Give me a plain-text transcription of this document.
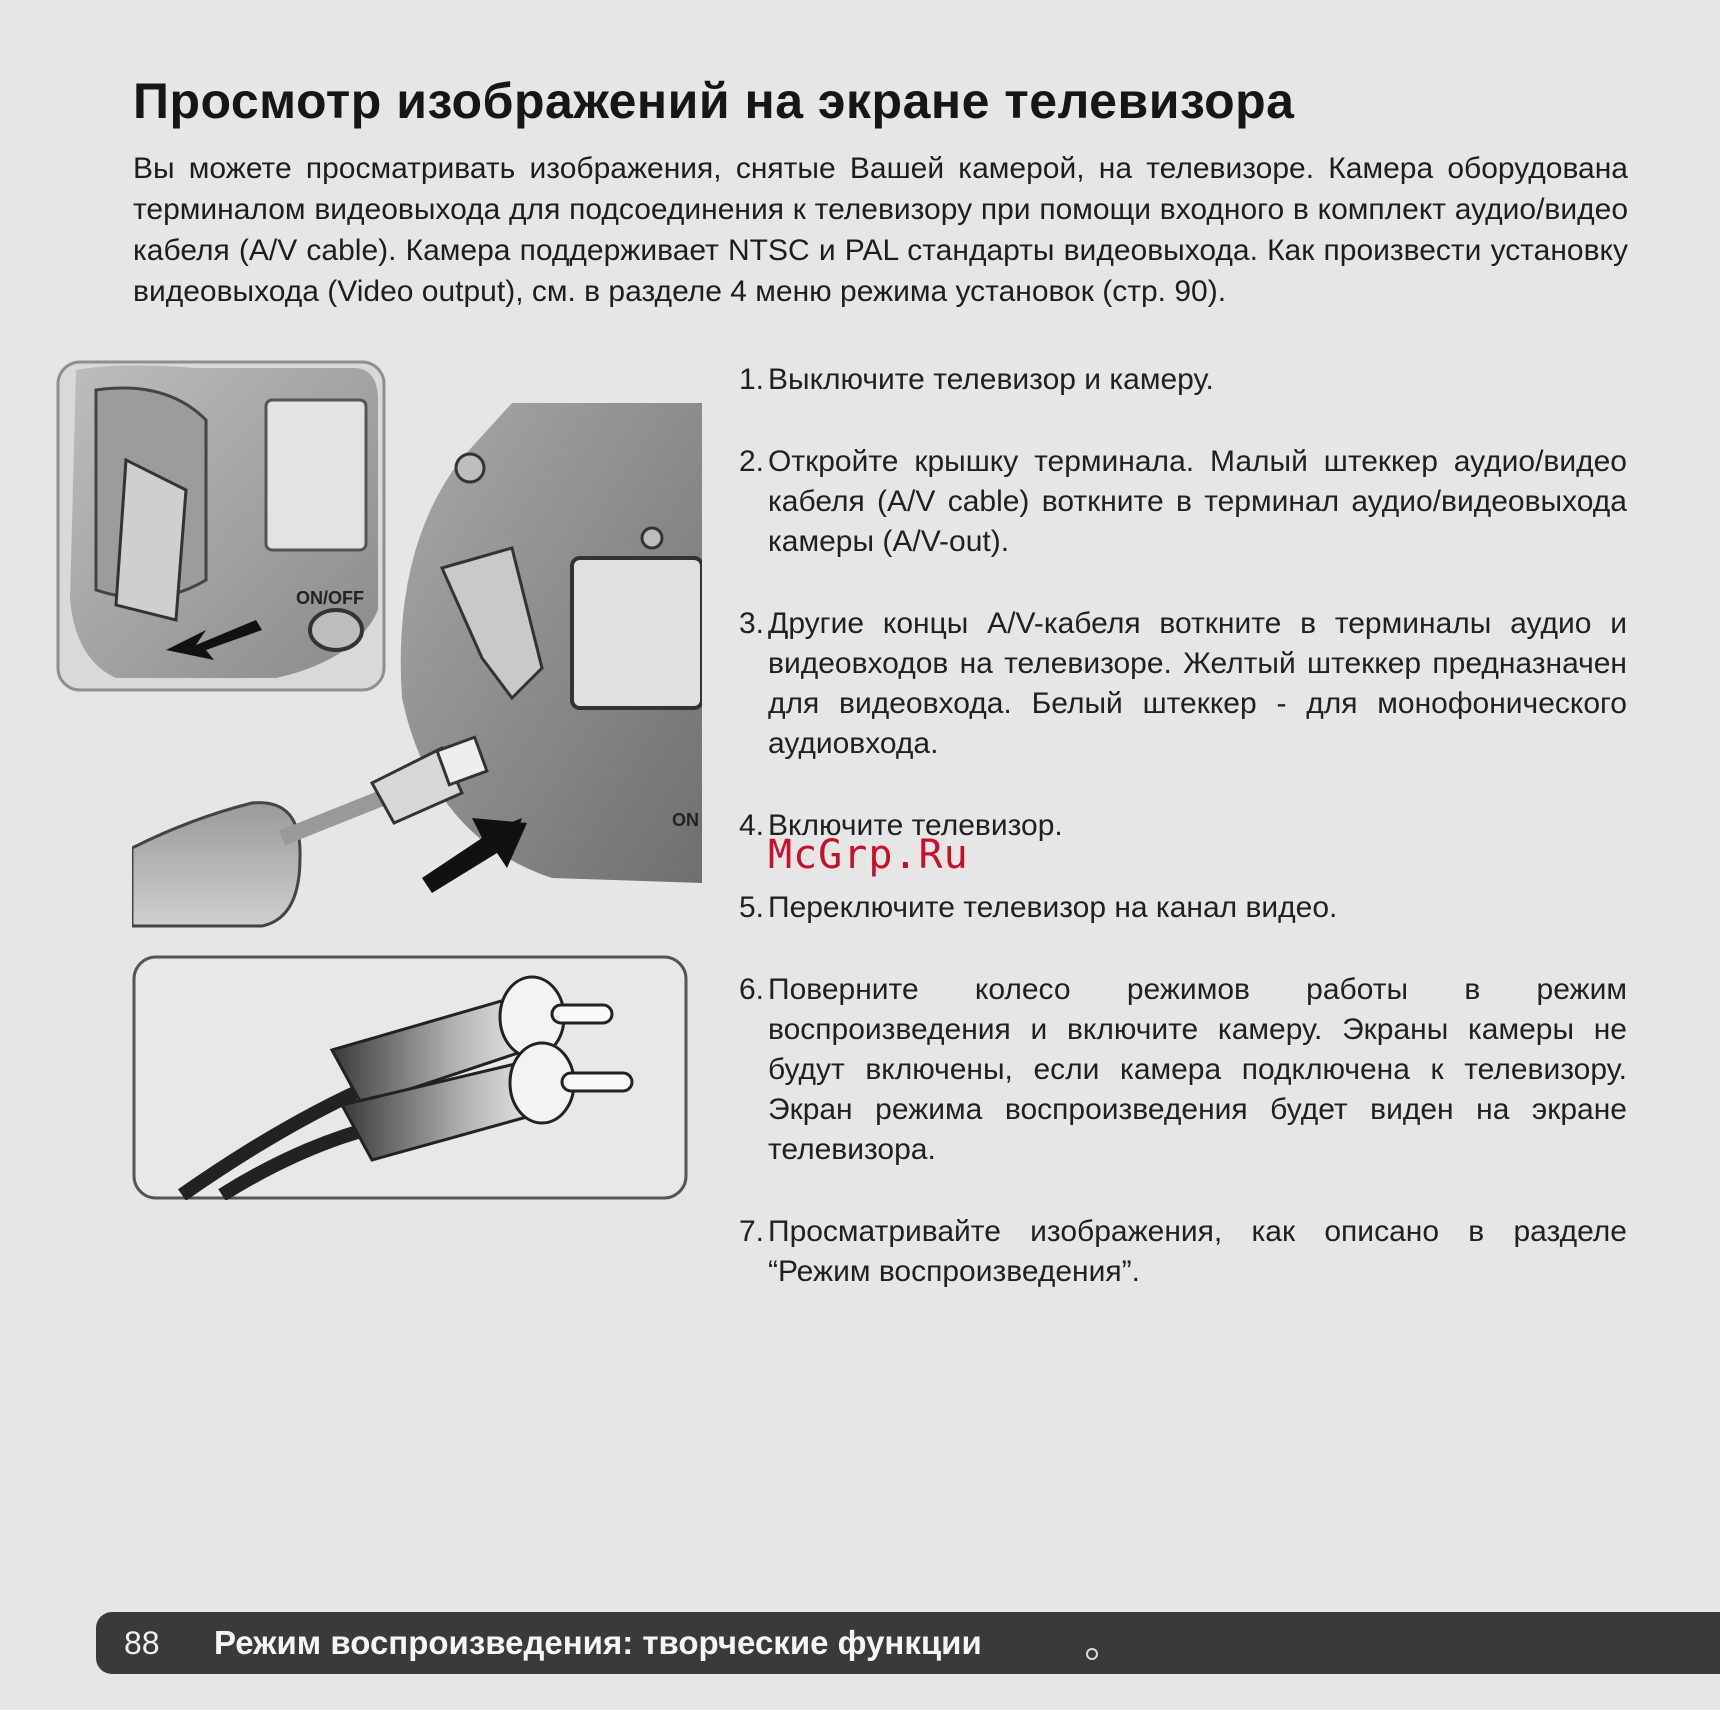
Просмотр изображений на экране телевизора

Вы можете просматривать изображения, снятые Вашей камерой, на телевизоре. Камера оборудована терминалом видеовыхода для подсоединения к телевизору при помощи входного в комплект аудио/видео кабеля (A/V cable). Камера поддерживает NTSC и PAL стандарты видеовыхода. Как произвести установку видеовыхода (Video output), см. в разделе 4 меню режима установок (стр. 90).

ON/OFF
ON
1. Выключите телевизор и камеру.
2. Откройте крышку терминала. Малый штеккер аудио/видео кабеля (A/V cable) воткните в терминал аудио/видеовыхода камеры (A/V-out).
3. Другие концы A/V-кабеля воткните в терминалы аудио и видеовходов на телевизоре. Желтый штеккер предназначен для видеовхода. Белый штеккер - для монофонического аудиовхода.
4. Включите телевизор.
5. Переключите телевизор на канал видео.
6. Поверните колесо режимов работы в режим воспроизведения и включите камеру. Экраны камеры не будут включены, если камера подключена к телевизору. Экран режима воспроизведения будет виден на экране телевизора.
7. Просматривайте изображения, как описано в разделе “Режим воспроизведения”.
McGrp.Ru
88	Режим воспроизведения: творческие функции
